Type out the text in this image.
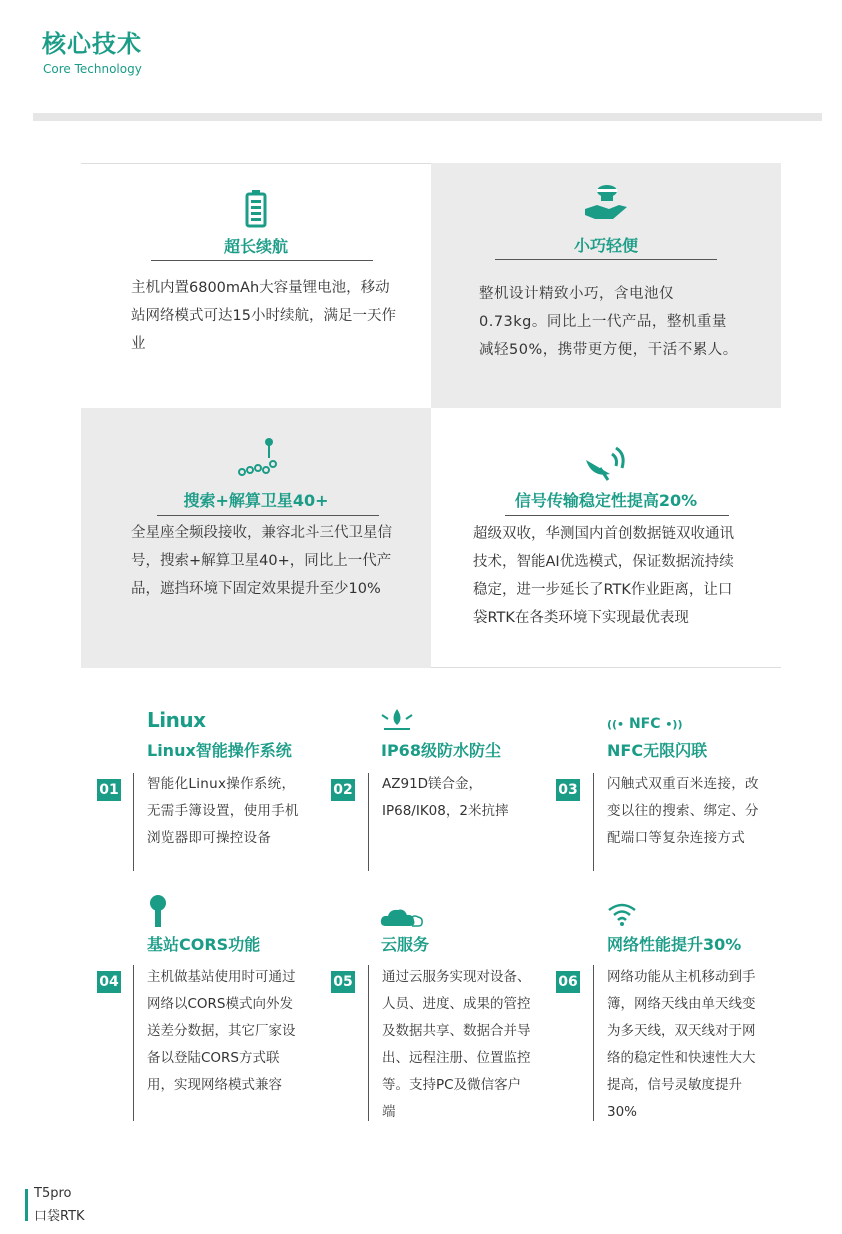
核心技术
Core Technology
超长续航
主机内置6800mAh大容量锂电池，移动站网络模式可达15小时续航，满足一天作业
小巧轻便
整机设计精致小巧，含电池仅0.73kg。同比上一代产品，整机重量减轻50%，携带更方便，干活不累人。
搜索+解算卫星40+
全星座全频段接收，兼容北斗三代卫星信号，搜索+解算卫星40+，同比上一代产品，遮挡环境下固定效果提升至少10%
信号传输稳定性提高20%
超级双收，华测国内首创数据链双收通讯技术，智能AI优选模式，保证数据流持续稳定，进一步延长了RTK作业距离，让口袋RTK在各类环境下实现最优表现
Linux
Linux智能操作系统
01 智能化Linux操作系统，无需手簿设置，使用手机浏览器即可操控设备
IP68级防水防尘
02 AZ91D镁合金，IP68/IK08，2米抗摔
((• NFC •))
NFC无限闪联
03 闪触式双重百米连接，改变以往的搜索、绑定、分配端口等复杂连接方式
基站CORS功能
04 主机做基站使用时可通过网络以CORS模式向外发送差分数据，其它厂家设备以登陆CORS方式联用，实现网络模式兼容
云服务
05 通过云服务实现对设备、人员、进度、成果的管控及数据共享、数据合并导出、远程注册、位置监控等。支持PC及微信客户端
网络性能提升30%
06 网络功能从主机移动到手簿，网络天线由单天线变为多天线，双天线对于网络的稳定性和快速性大大提高，信号灵敏度提升30%
T5pro
口袋RTK
